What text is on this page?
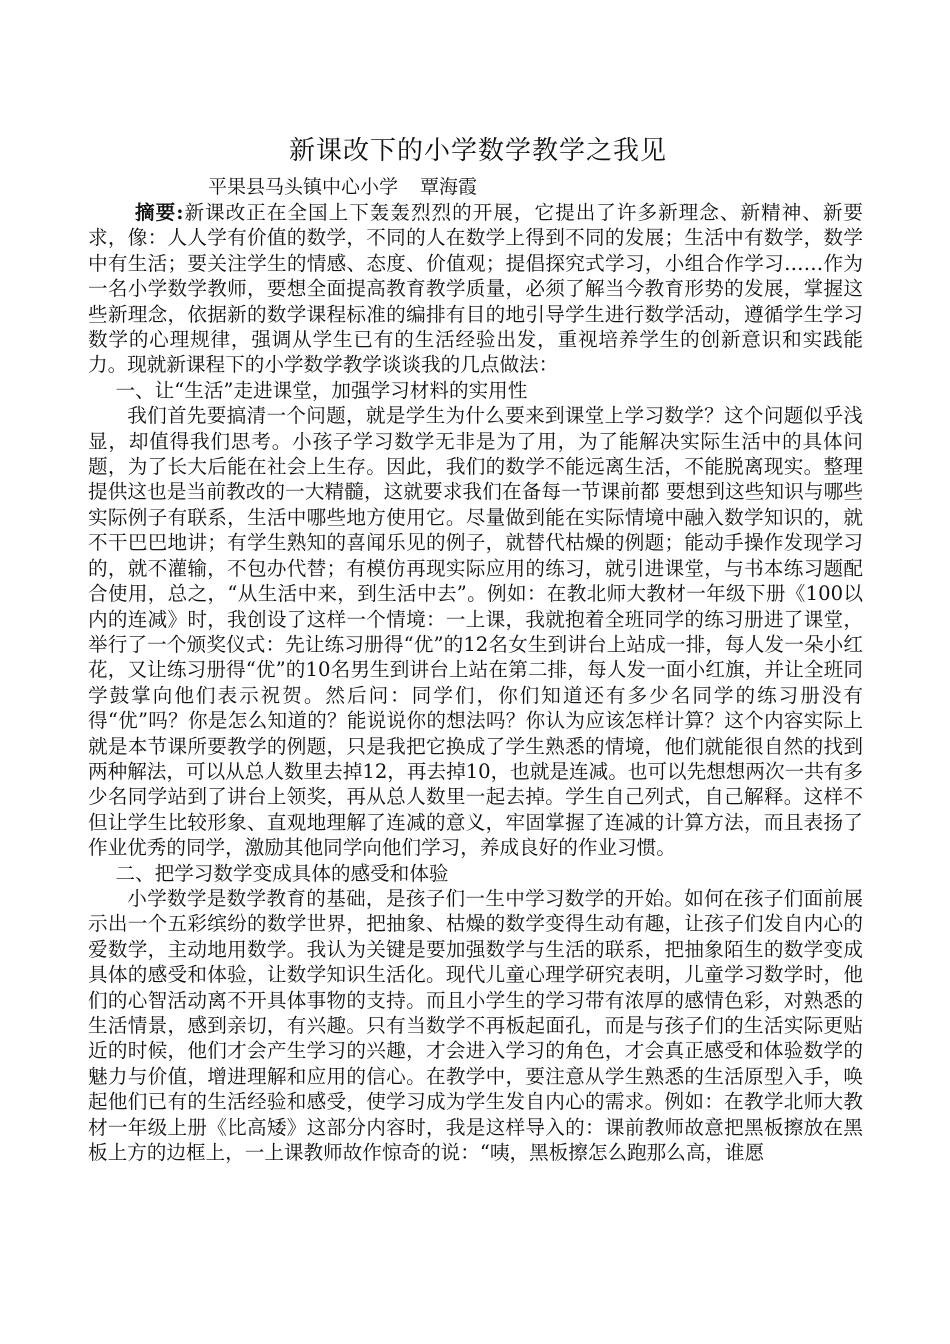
新课改下的小学数学教学之我见
平果县马头镇中心小学 覃海霞

摘要:新课改正在全国上下轰轰烈烈的开展，它提出了许多新理念、新精神、新要求，像：人人学有价值的数学，不同的人在数学上得到不同的发展；生活中有数学，数学中有生活；要关注学生的情感、态度、价值观；提倡探究式学习，小组合作学习……作为一名小学数学教师，要想全面提高教育教学质量，必须了解当今教育形势的发展，掌握这些新理念，依据新的数学课程标准的编排有目的地引导学生进行数学活动，遵循学生学习数学的心理规律，强调从学生已有的生活经验出发，重视培养学生的创新意识和实践能力。现就新课程下的小学数学教学谈谈我的几点做法：

一、让“生活”走进课堂，加强学习材料的实用性

我们首先要搞清一个问题，就是学生为什么要来到课堂上学习数学？这个问题似乎浅显，却值得我们思考。小孩子学习数学无非是为了用，为了能解决实际生活中的具体问题，为了长大后能在社会上生存。因此，我们的数学不能远离生活，不能脱离现实。整理提供这也是当前教改的一大精髓，这就要求我们在备每一节课前都 要想到这些知识与哪些实际例子有联系，生活中哪些地方使用它。尽量做到能在实际情境中融入数学知识的，就不干巴巴地讲；有学生熟知的喜闻乐见的例子，就替代枯燥的例题；能动手操作发现学习的，就不灌输，不包办代替；有模仿再现实际应用的练习，就引进课堂，与书本练习题配合使用，总之，“从生活中来，到生活中去”。例如：在教北师大教材一年级下册《100以内的连减》时，我创设了这样一个情境：一上课，我就抱着全班同学的练习册进了课堂，举行了一个颁奖仪式：先让练习册得“优”的12名女生到讲台上站成一排，每人发一朵小红花，又让练习册得“优”的10名男生到讲台上站在第二排，每人发一面小红旗，并让全班同学鼓掌向他们表示祝贺。然后问：同学们，你们知道还有多少名同学的练习册没有得“优”吗？你是怎么知道的？能说说你的想法吗？你认为应该怎样计算？这个内容实际上就是本节课所要教学的例题，只是我把它换成了学生熟悉的情境，他们就能很自然的找到两种解法，可以从总人数里去掉12，再去掉10，也就是连减。也可以先想想两次一共有多少名同学站到了讲台上领奖，再从总人数里一起去掉。学生自己列式，自己解释。这样不但让学生比较形象、直观地理解了连减的意义，牢固掌握了连减的计算方法，而且表扬了作业优秀的同学，激励其他同学向他们学习，养成良好的作业习惯。

二、把学习数学变成具体的感受和体验

小学数学是数学教育的基础，是孩子们一生中学习数学的开始。如何在孩子们面前展示出一个五彩缤纷的数学世界，把抽象、枯燥的数学变得生动有趣，让孩子们发自内心的爱数学，主动地用数学。我认为关键是要加强数学与生活的联系，把抽象陌生的数学变成具体的感受和体验，让数学知识生活化。现代儿童心理学研究表明，儿童学习数学时，他们的心智活动离不开具体事物的支持。而且小学生的学习带有浓厚的感情色彩，对熟悉的生活情景，感到亲切，有兴趣。只有当数学不再板起面孔，而是与孩子们的生活实际更贴近的时候，他们才会产生学习的兴趣，才会进入学习的角色，才会真正感受和体验数学的魅力与价值，增进理解和应用的信心。在教学中，要注意从学生熟悉的生活原型入手，唤起他们已有的生活经验和感受，使学习成为学生发自内心的需求。例如：在教学北师大教材一年级上册《比高矮》这部分内容时，我是这样导入的：课前教师故意把黑板擦放在黑板上方的边框上，一上课教师故作惊奇的说：“咦，黑板擦怎么跑那么高，谁愿
